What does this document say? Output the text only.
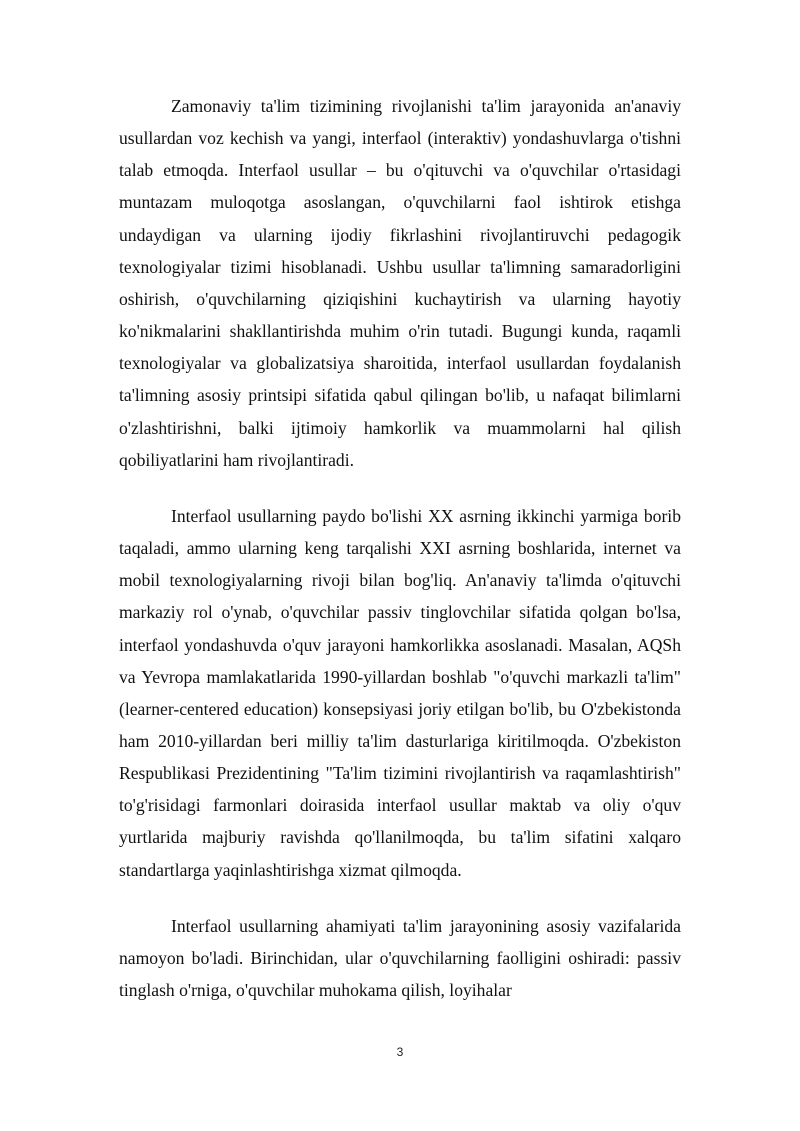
Zamonaviy ta'lim tizimining rivojlanishi ta'lim jarayonida an'anaviy usullardan voz kechish va yangi, interfaol (interaktiv) yondashuvlarga o'tishni talab etmoqda. Interfaol usullar – bu o'qituvchi va o'quvchilar o'rtasidagi muntazam muloqotga asoslangan, o'quvchilarni faol ishtirok etishga undaydigan va ularning ijodiy fikrlashini rivojlantiruvchi pedagogik texnologiyalar tizimi hisoblanadi. Ushbu usullar ta'limning samaradorligini oshirish, o'quvchilarning qiziqishini kuchaytirish va ularning hayotiy ko'nikmalarini shakllantirishda muhim o'rin tutadi. Bugungi kunda, raqamli texnologiyalar va globalizatsiya sharoitida, interfaol usullardan foydalanish ta'limning asosiy printsipi sifatida qabul qilingan bo'lib, u nafaqat bilimlarni o'zlashtirishni, balki ijtimoiy hamkorlik va muammolarni hal qilish qobiliyatlarini ham rivojlantiradi.

Interfaol usullarning paydo bo'lishi XX asrning ikkinchi yarmiga borib taqaladi, ammo ularning keng tarqalishi XXI asrning boshlarida, internet va mobil texnologiyalarning rivoji bilan bog'liq. An'anaviy ta'limda o'qituvchi markaziy rol o'ynab, o'quvchilar passiv tinglovchilar sifatida qolgan bo'lsa, interfaol yondashuvda o'quv jarayoni hamkorlikka asoslanadi. Masalan, AQSh va Yevropa mamlakatlarida 1990-yillardan boshlab "o'quvchi markazli ta'lim" (learner-centered education) konsepsiyasi joriy etilgan bo'lib, bu O'zbekistonda ham 2010-yillardan beri milliy ta'lim dasturlariga kiritilmoqda. O'zbekiston Respublikasi Prezidentining "Ta'lim tizimini rivojlantirish va raqamlashtirish" to'g'risidagi farmonlari doirasida interfaol usullar maktab va oliy o'quv yurtlarida majburiy ravishda qo'llanilmoqda, bu ta'lim sifatini xalqaro standartlarga yaqinlashtirishga xizmat qilmoqda.

Interfaol usullarning ahamiyati ta'lim jarayonining asosiy vazifalarida namoyon bo'ladi. Birinchidan, ular o'quvchilarning faolligini oshiradi: passiv tinglash o'rniga, o'quvchilar muhokama qilish, loyihalar

3
